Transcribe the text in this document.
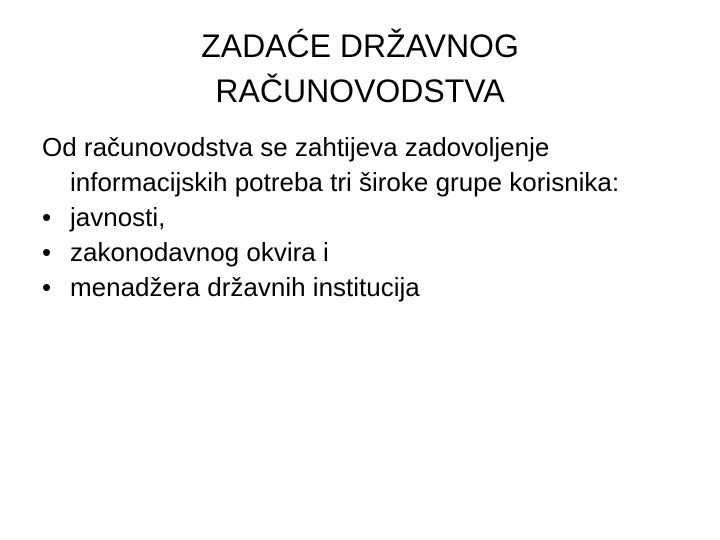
ZADAĆE DRŽAVNOG
RAČUNOVODSTVA

Od računovodstva se zahtijeva zadovoljenje informacijskih potreba tri široke grupe korisnika:

• javnosti,
• zakonodavnog okvira i
• menadžera državnih institucija
